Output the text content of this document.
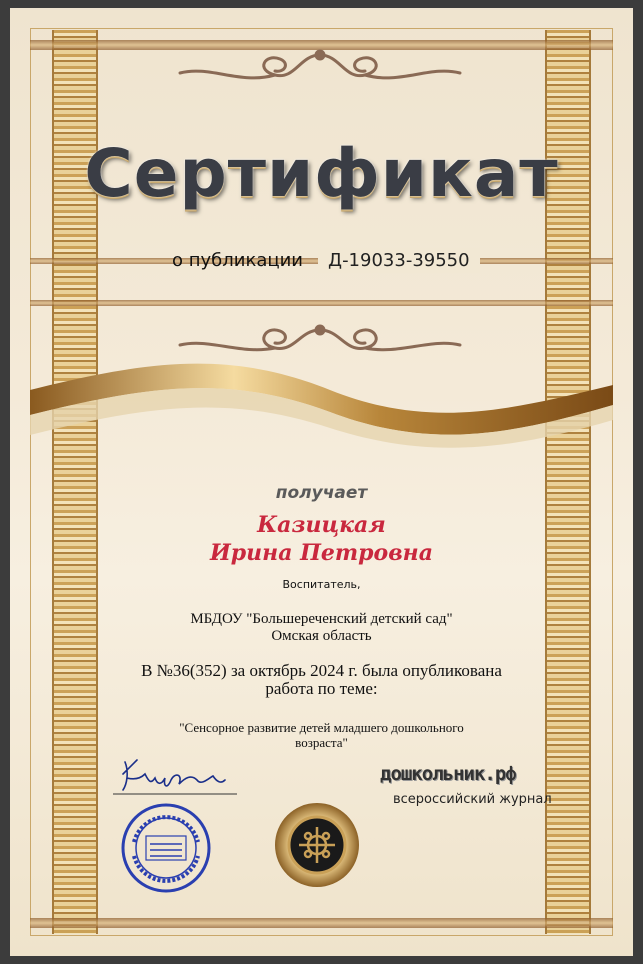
Сертификат
о публикации	Д-19033-39550
получает
Казицкая
Ирина Петровна
Воспитатель,
МБДОУ "Большереченский детский сад"
Омская область
В №36(352) за октябрь 2024 г. была опубликована
работа по теме:
"Сенсорное развитие детей младшего дошкольного
возраста"
дошкольник.рф
всероссийский журнал
